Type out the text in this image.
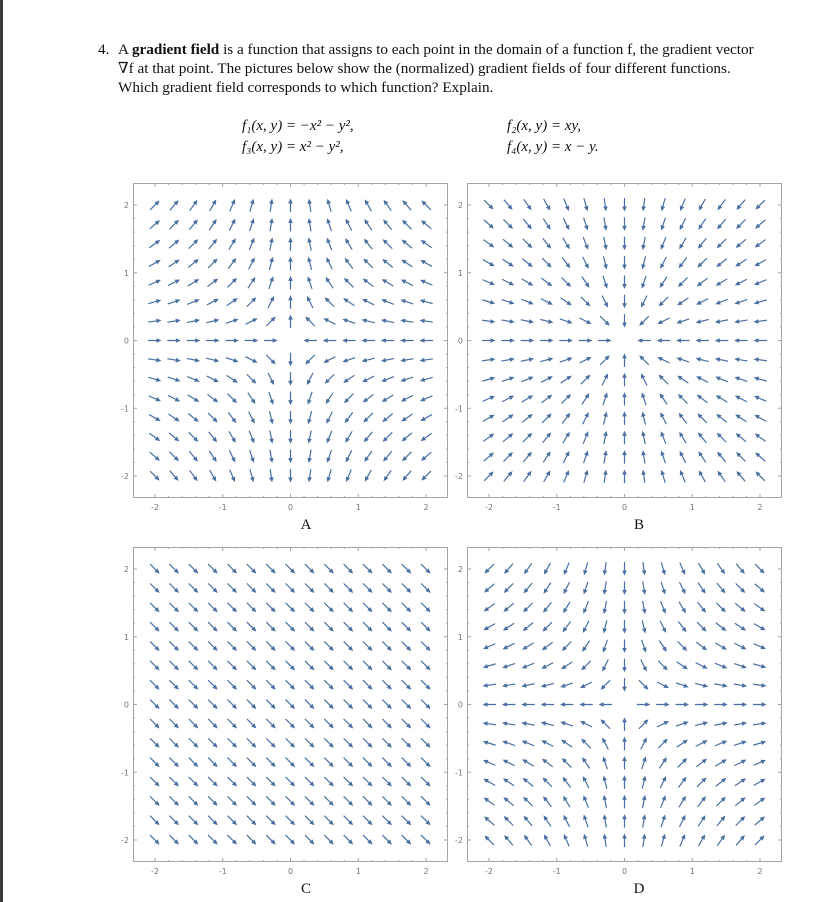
4. A gradient field is a function that assigns to each point in the domain of a function f, the gradient vector ∇f at that point. The pictures below show the (normalized) gradient fields of four different functions. Which gradient field corresponds to which function? Explain.
f₁(x, y) = −x² − y²,
f₃(x, y) = x² − y²,
f₂(x, y) = xy,
f₄(x, y) = x − y.
-2	-1	0	1	2
2
1
0
-1
-2
-2	-1	0	1	2
2
1
0
-1
-2
-2	-1	0	1	2
2
1
0
-1
-2
-2	-1	0	1	2
2
1
0
-1
-2
A	B
C	D
